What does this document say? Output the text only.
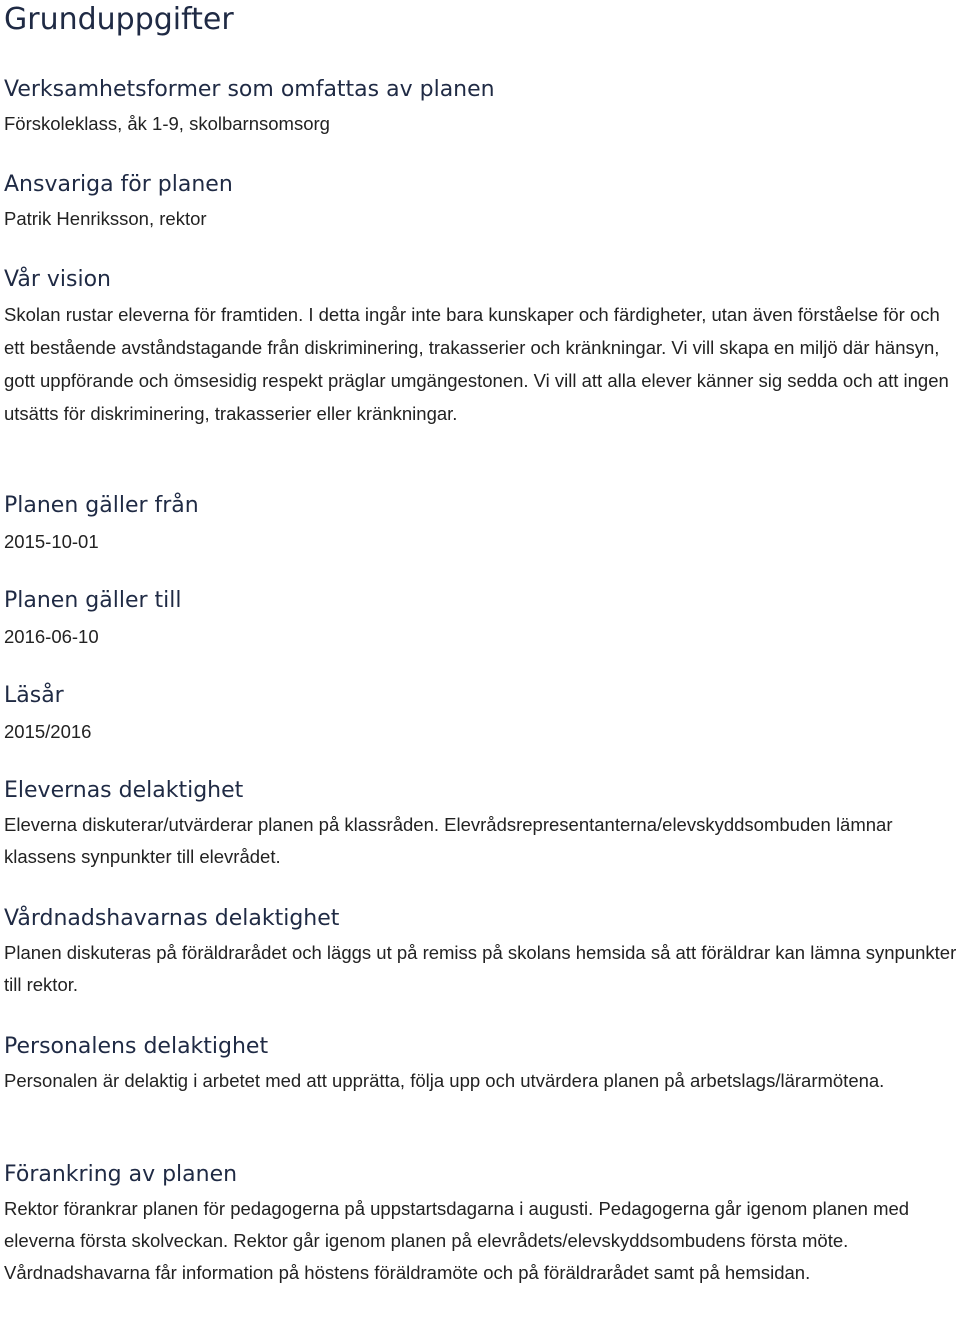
Grunduppgifter
Verksamhetsformer som omfattas av planen

Förskoleklass, åk 1-9, skolbarnsomsorg

Ansvariga för planen

Patrik Henriksson, rektor

Vår vision

Skolan rustar eleverna för framtiden. I detta ingår inte bara kunskaper och färdigheter, utan även förståelse för och ett bestående avståndstagande från diskriminering, trakasserier och kränkningar. Vi vill skapa en miljö där hänsyn, gott uppförande och ömsesidig respekt präglar umgängestonen. Vi vill att alla elever känner sig sedda och att ingen utsätts för diskriminering, trakasserier eller kränkningar.

Planen gäller från

2015-10-01

Planen gäller till

2016-06-10

Läsår

2015/2016

Elevernas delaktighet

Eleverna diskuterar/utvärderar planen på klassråden. Elevrådsrepresentanterna/elevskyddsombuden lämnar klassens synpunkter till elevrådet.

Vårdnadshavarnas delaktighet

Planen diskuteras på föräldrarådet och läggs ut på remiss på skolans hemsida så att föräldrar kan lämna synpunkter till rektor.

Personalens delaktighet

Personalen är delaktig i arbetet med att upprätta, följa upp och utvärdera planen på arbetslags/lärarmötena.

Förankring av planen

Rektor förankrar planen för pedagogerna på uppstartsdagarna i augusti. Pedagogerna går igenom planen med eleverna första skolveckan. Rektor går igenom planen på elevrådets/elevskyddsombudens första möte. Vårdnadshavarna får information på höstens föräldramöte och på föräldrarådet samt på hemsidan.
